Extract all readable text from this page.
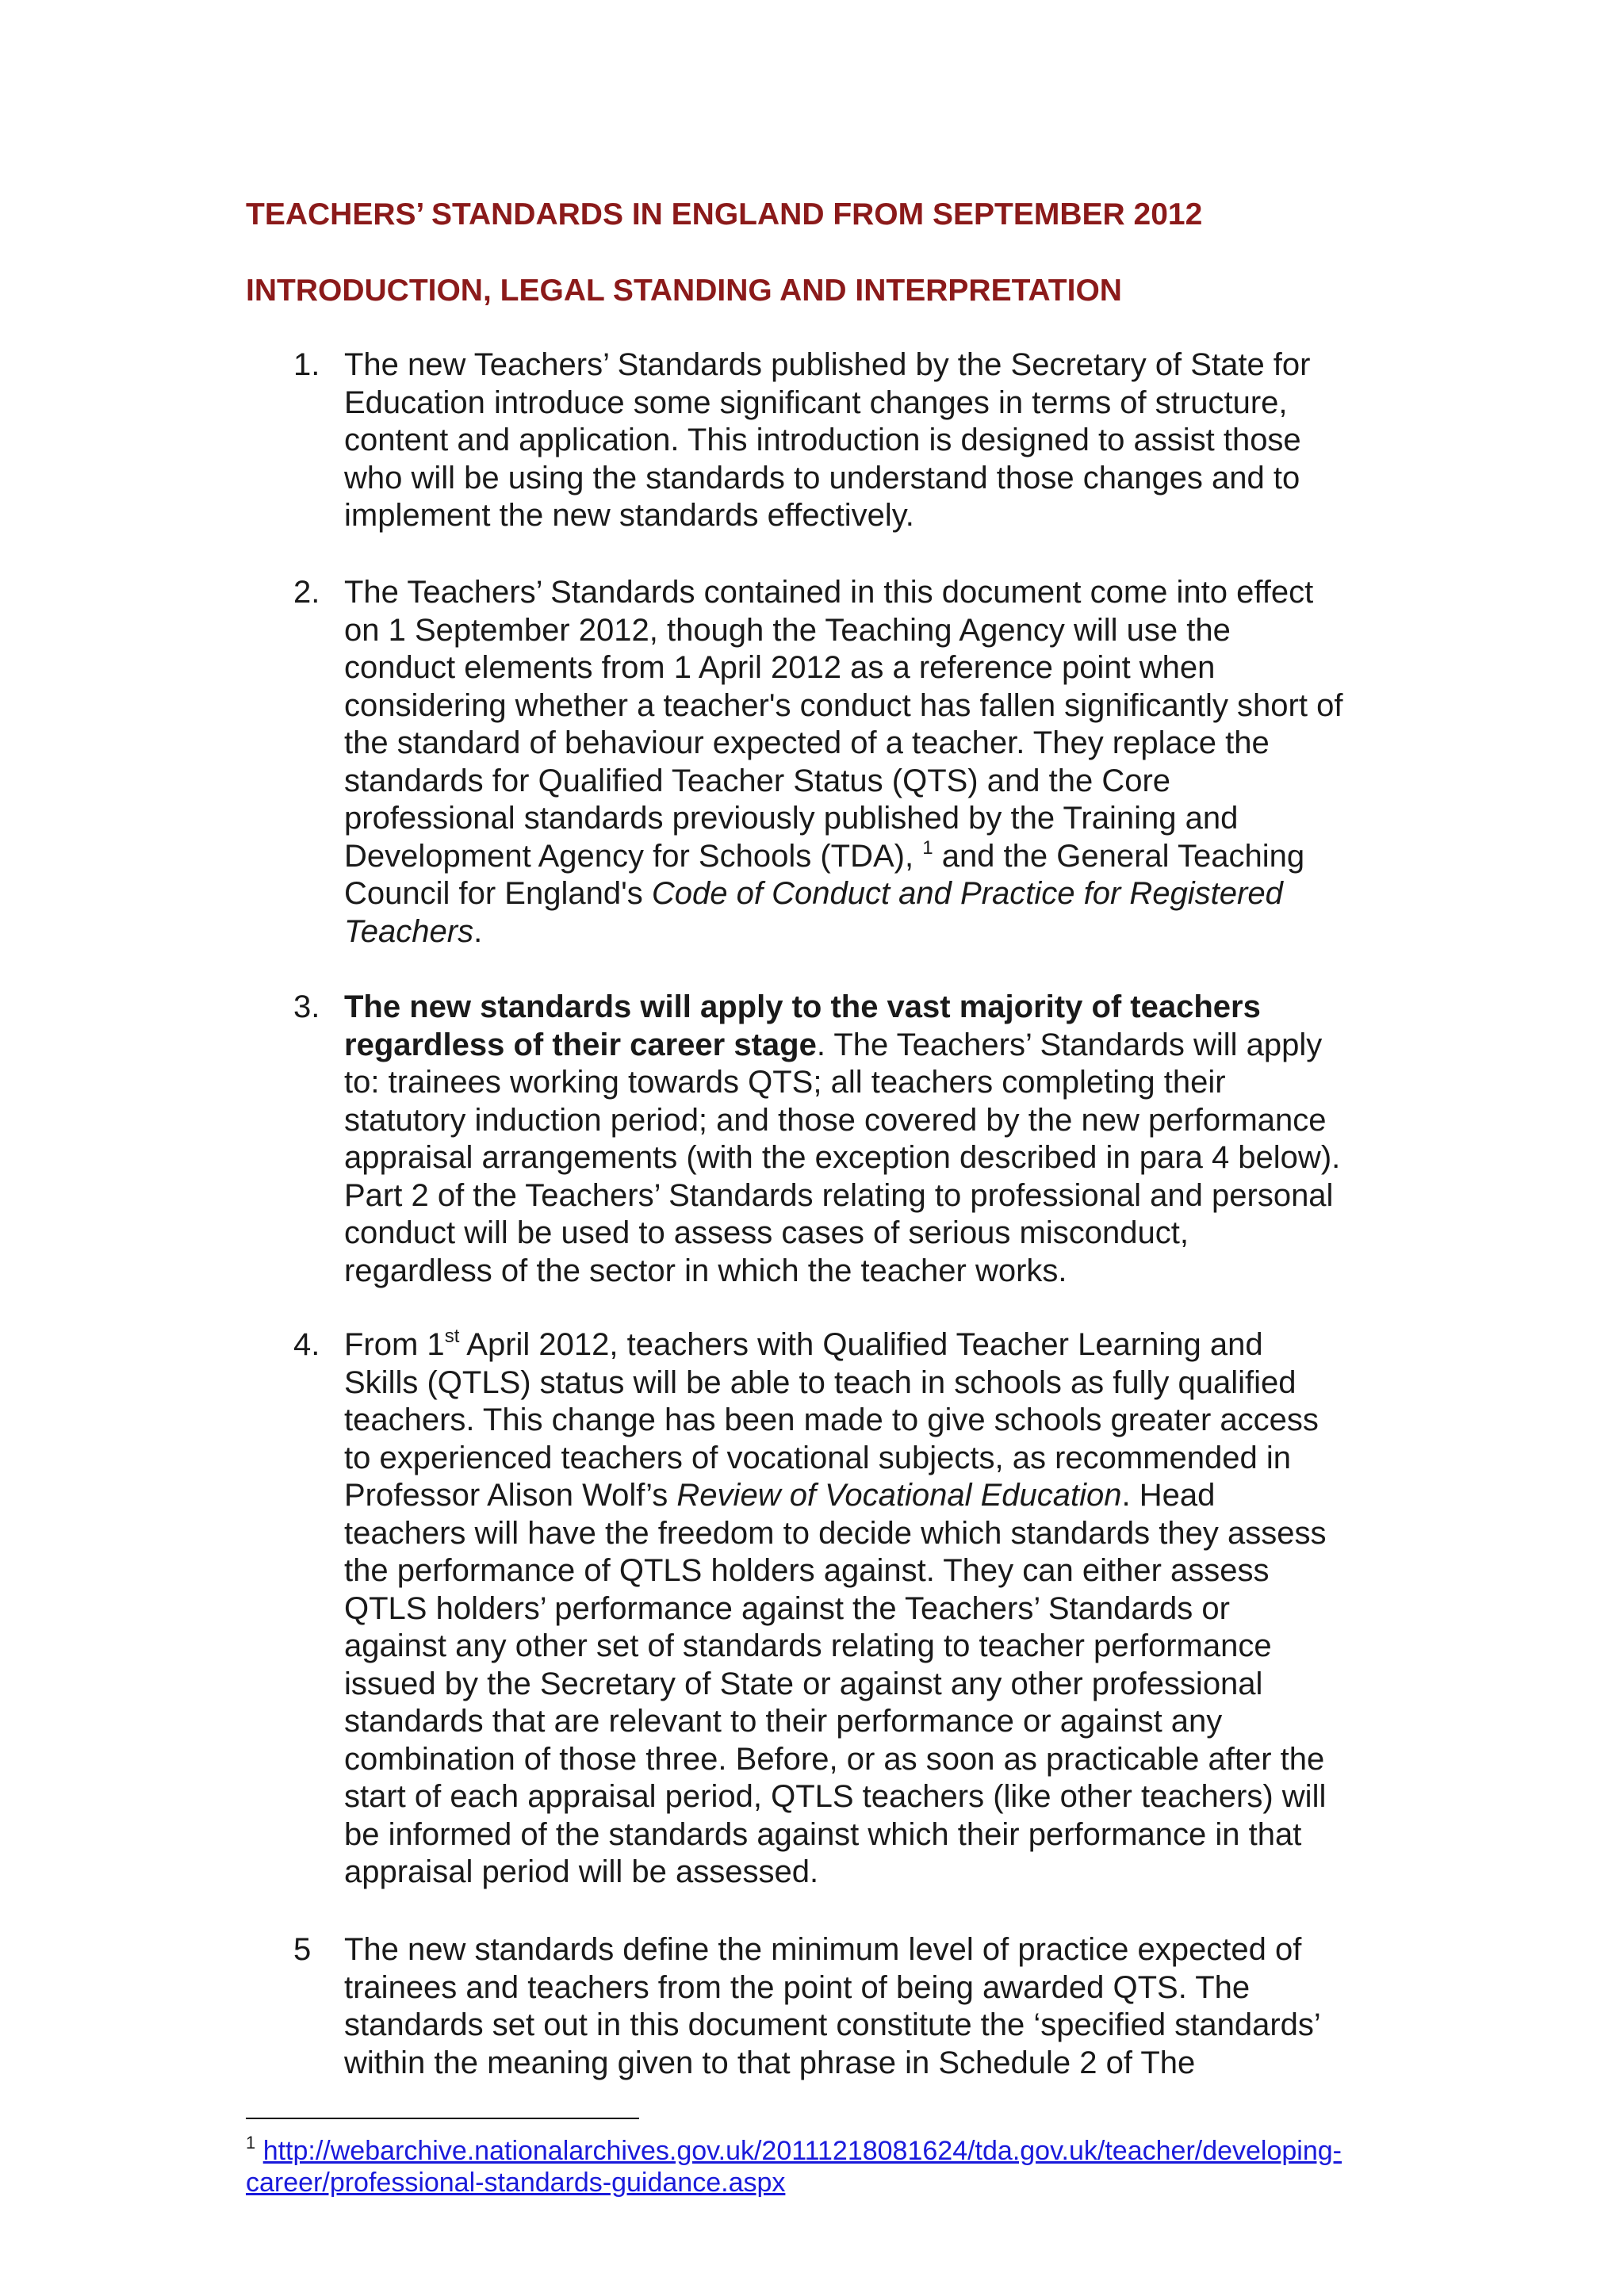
TEACHERS’ STANDARDS IN ENGLAND FROM SEPTEMBER 2012
INTRODUCTION, LEGAL STANDING AND INTERPRETATION
1. The new Teachers’ Standards published by the Secretary of State for
Education introduce some significant changes in terms of structure,
content and application. This introduction is designed to assist those
who will be using the standards to understand those changes and to
implement the new standards effectively.
2. The Teachers’ Standards contained in this document come into effect
on 1 September 2012, though the Teaching Agency will use the
conduct elements from 1 April 2012 as a reference point when
considering whether a teacher's conduct has fallen significantly short of
the standard of behaviour expected of a teacher. They replace the
standards for Qualified Teacher Status (QTS) and the Core
professional standards previously published by the Training and
Development Agency for Schools (TDA), $^1$ and the General Teaching
Council for England's Code of Conduct and Practice for Registered
Teachers.
3. The new standards will apply to the vast majority of teachers
regardless of their career stage. The Teachers’ Standards will apply
to: trainees working towards QTS; all teachers completing their
statutory induction period; and those covered by the new performance
appraisal arrangements (with the exception described in para 4 below).
Part 2 of the Teachers’ Standards relating to professional and personal
conduct will be used to assess cases of serious misconduct,
regardless of the sector in which the teacher works.
4. From 1st April 2012, teachers with Qualified Teacher Learning and
Skills (QTLS) status will be able to teach in schools as fully qualified
teachers. This change has been made to give schools greater access
to experienced teachers of vocational subjects, as recommended in
Professor Alison Wolf’s Review of Vocational Education. Head
teachers will have the freedom to decide which standards they assess
the performance of QTLS holders against. They can either assess
QTLS holders’ performance against the Teachers’ Standards or
against any other set of standards relating to teacher performance
issued by the Secretary of State or against any other professional
standards that are relevant to their performance or against any
combination of those three. Before, or as soon as practicable after the
start of each appraisal period, QTLS teachers (like other teachers) will
be informed of the standards against which their performance in that
appraisal period will be assessed.
5	The new standards define the minimum level of practice expected of
trainees and teachers from the point of being awarded QTS. The
standards set out in this document constitute the ‘specified standards’
within the meaning given to that phrase in Schedule 2 of The
$^1$ http://webarchive.nationalarchives.gov.uk/20111218081624/tda.gov.uk/teacher/developing-
career/professional-standards-guidance.aspx
